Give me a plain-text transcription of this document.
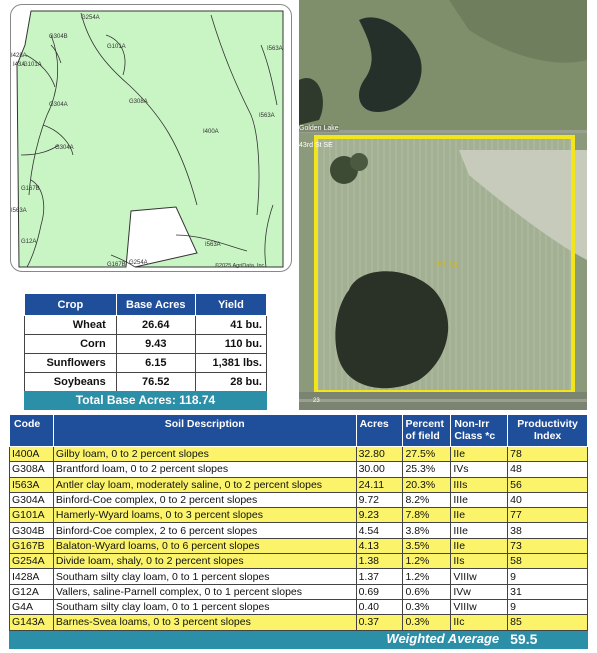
G254A
G304B
G101A	I563A
I428A
I43A
G101A
G304A	G308A
I400A
I563A
G304A
G167B
I563A
G12A	I563A
G167B G254A	©2025 AgriData, Inc.
Golden Lake
43rd St SE
157.60
23
Crop	Base Acres	Yield
Wheat	26.64	41 bu.
Corn	9.43	110 bu.
Sunflowers	6.15	1,381 lbs.
Soybeans	76.52	28 bu.
Total Base Acres: 118.74
Code	Soil Description	Acres	Percent of field	Non-Irr Class *c	Productivity Index
I400A	Gilby loam, 0 to 2 percent slopes	32.80	27.5%	IIe	78
G308A	Brantford loam, 0 to 2 percent slopes	30.00	25.3%	IVs	48
I563A	Antler clay loam, moderately saline, 0 to 2 percent slopes	24.11	20.3%	IIIs	56
G304A	Binford-Coe complex, 0 to 2 percent slopes	9.72	8.2%	IIIe	40
G101A	Hamerly-Wyard loams, 0 to 3 percent slopes	9.23	7.8%	IIe	77
G304B	Binford-Coe complex, 2 to 6 percent slopes	4.54	3.8%	IIIe	38
G167B	Balaton-Wyard loams, 0 to 6 percent slopes	4.13	3.5%	IIe	73
G254A	Divide loam, shaly, 0 to 2 percent slopes	1.38	1.2%	IIs	58
I428A	Southam silty clay loam, 0 to 1 percent slopes	1.37	1.2%	VIIIw	9
G12A	Vallers, saline-Parnell complex, 0 to 1 percent slopes	0.69	0.6%	IVw	31
G4A	Southam silty clay loam, 0 to 1 percent slopes	0.40	0.3%	VIIIw	9
G143A	Barnes-Svea loams, 0 to 3 percent slopes	0.37	0.3%	IIc	85
Weighted Average					59.5
